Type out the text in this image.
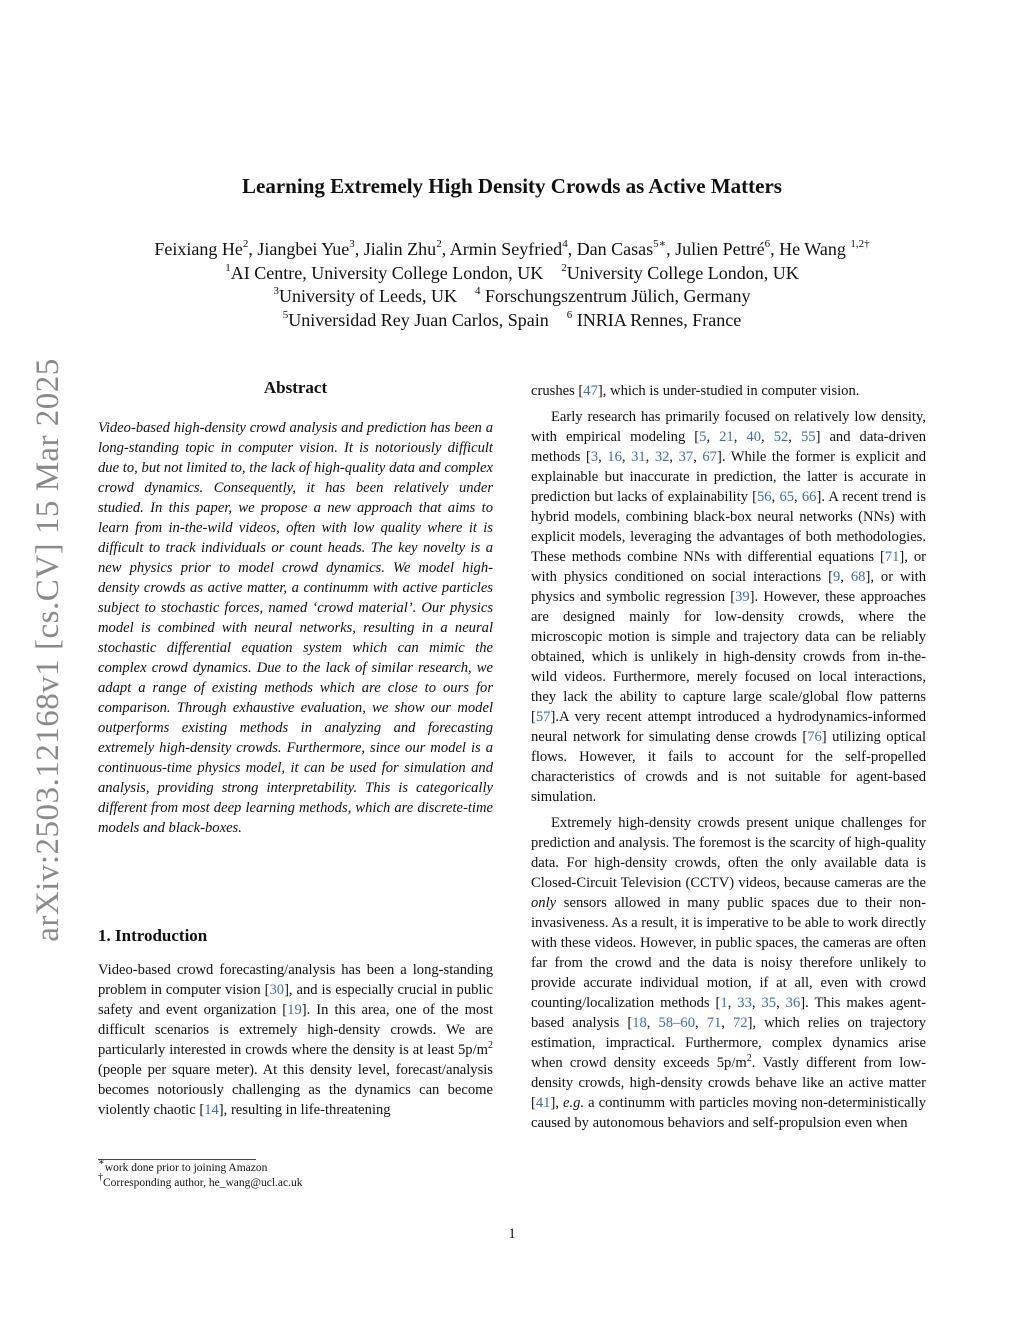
arXiv:2503.12168v1 [cs.CV] 15 Mar 2025
Learning Extremely High Density Crowds as Active Matters
Feixiang He$^2$, Jiangbei Yue$^3$, Jialin Zhu$^2$, Armin Seyfried$^4$, Dan Casas$^{5∗}$, Julien Pettré$^6$, He Wang $^{1,2\dagger}$
$^1$AI Centre, University College London, UK $^2$University College London, UK
$^3$University of Leeds, UK $^4$ Forschungszentrum Jülich, Germany
$^5$Universidad Rey Juan Carlos, Spain $^6$ INRIA Rennes, France

Abstract

Video-based high-density crowd analysis and prediction has been a long-standing topic in computer vision. It is notoriously difficult due to, but not limited to, the lack of high-quality data and complex crowd dynamics. Consequently, it has been relatively under studied. In this paper, we propose a new approach that aims to learn from in-the-wild videos, often with low quality where it is difficult to track individuals or count heads. The key novelty is a new physics prior to model crowd dynamics. We model high-density crowds as active matter, a continumm with active particles subject to stochastic forces, named ‘crowd material’. Our physics model is combined with neural networks, resulting in a neural stochastic differential equation system which can mimic the complex crowd dynamics. Due to the lack of similar research, we adapt a range of existing methods which are close to ours for comparison. Through exhaustive evaluation, we show our model outperforms existing methods in analyzing and forecasting extremely high-density crowds. Furthermore, since our model is a continuous-time physics model, it can be used for simulation and analysis, providing strong interpretability. This is categorically different from most deep learning methods, which are discrete-time models and black-boxes.

1. Introduction
Video-based crowd forecasting/analysis has been a long-standing problem in computer vision [30], and is especially crucial in public safety and event organization [19]. In this area, one of the most difficult scenarios is extremely high-density crowds. We are particularly interested in crowds where the density is at least $5p/m^2$ (people per square meter). At this density level, forecast/analysis becomes notoriously challenging as the dynamics can become violently chaotic [14], resulting in life-threatening

crushes [47], which is under-studied in computer vision.

Early research has primarily focused on relatively low density, with empirical modeling [5, 21, 40, 52, 55] and data-driven methods [3, 16, 31, 32, 37, 67]. While the former is explicit and explainable but inaccurate in prediction, the latter is accurate in prediction but lacks of explainability [56, 65, 66]. A recent trend is hybrid models, combining black-box neural networks (NNs) with explicit models, leveraging the advantages of both methodologies. These methods combine NNs with differential equations [71], or with physics conditioned on social interactions [9, 68], or with physics and symbolic regression [39]. However, these approaches are designed mainly for low-density crowds, where the microscopic motion is simple and trajectory data can be reliably obtained, which is unlikely in high-density crowds from in-the-wild videos. Furthermore, merely focused on local interactions, they lack the ability to capture large scale/global flow patterns [57].A very recent attempt introduced a hydrodynamics-informed neural network for simulating dense crowds [76] utilizing optical flows. However, it fails to account for the self-propelled characteristics of crowds and is not suitable for agent-based simulation.

Extremely high-density crowds present unique challenges for prediction and analysis. The foremost is the scarcity of high-quality data. For high-density crowds, often the only available data is Closed-Circuit Television (CCTV) videos, because cameras are the only sensors allowed in many public spaces due to their non-invasiveness. As a result, it is imperative to be able to work directly with these videos. However, in public spaces, the cameras are often far from the crowd and the data is noisy therefore unlikely to provide accurate individual motion, if at all, even with crowd counting/localization methods [1, 33, 35, 36]. This makes agent-based analysis [18, 58–60, 71, 72], which relies on trajectory estimation, impractical. Furthermore, complex dynamics arise when crowd density exceeds $5p/m^2$. Vastly different from low-density crowds, high-density crowds behave like an active matter [41], e.g. a continumm with particles moving non-deterministically caused by autonomous behaviors and self-propulsion even when

∗work done prior to joining Amazon

†Corresponding author, he_wang@ucl.ac.uk

1
